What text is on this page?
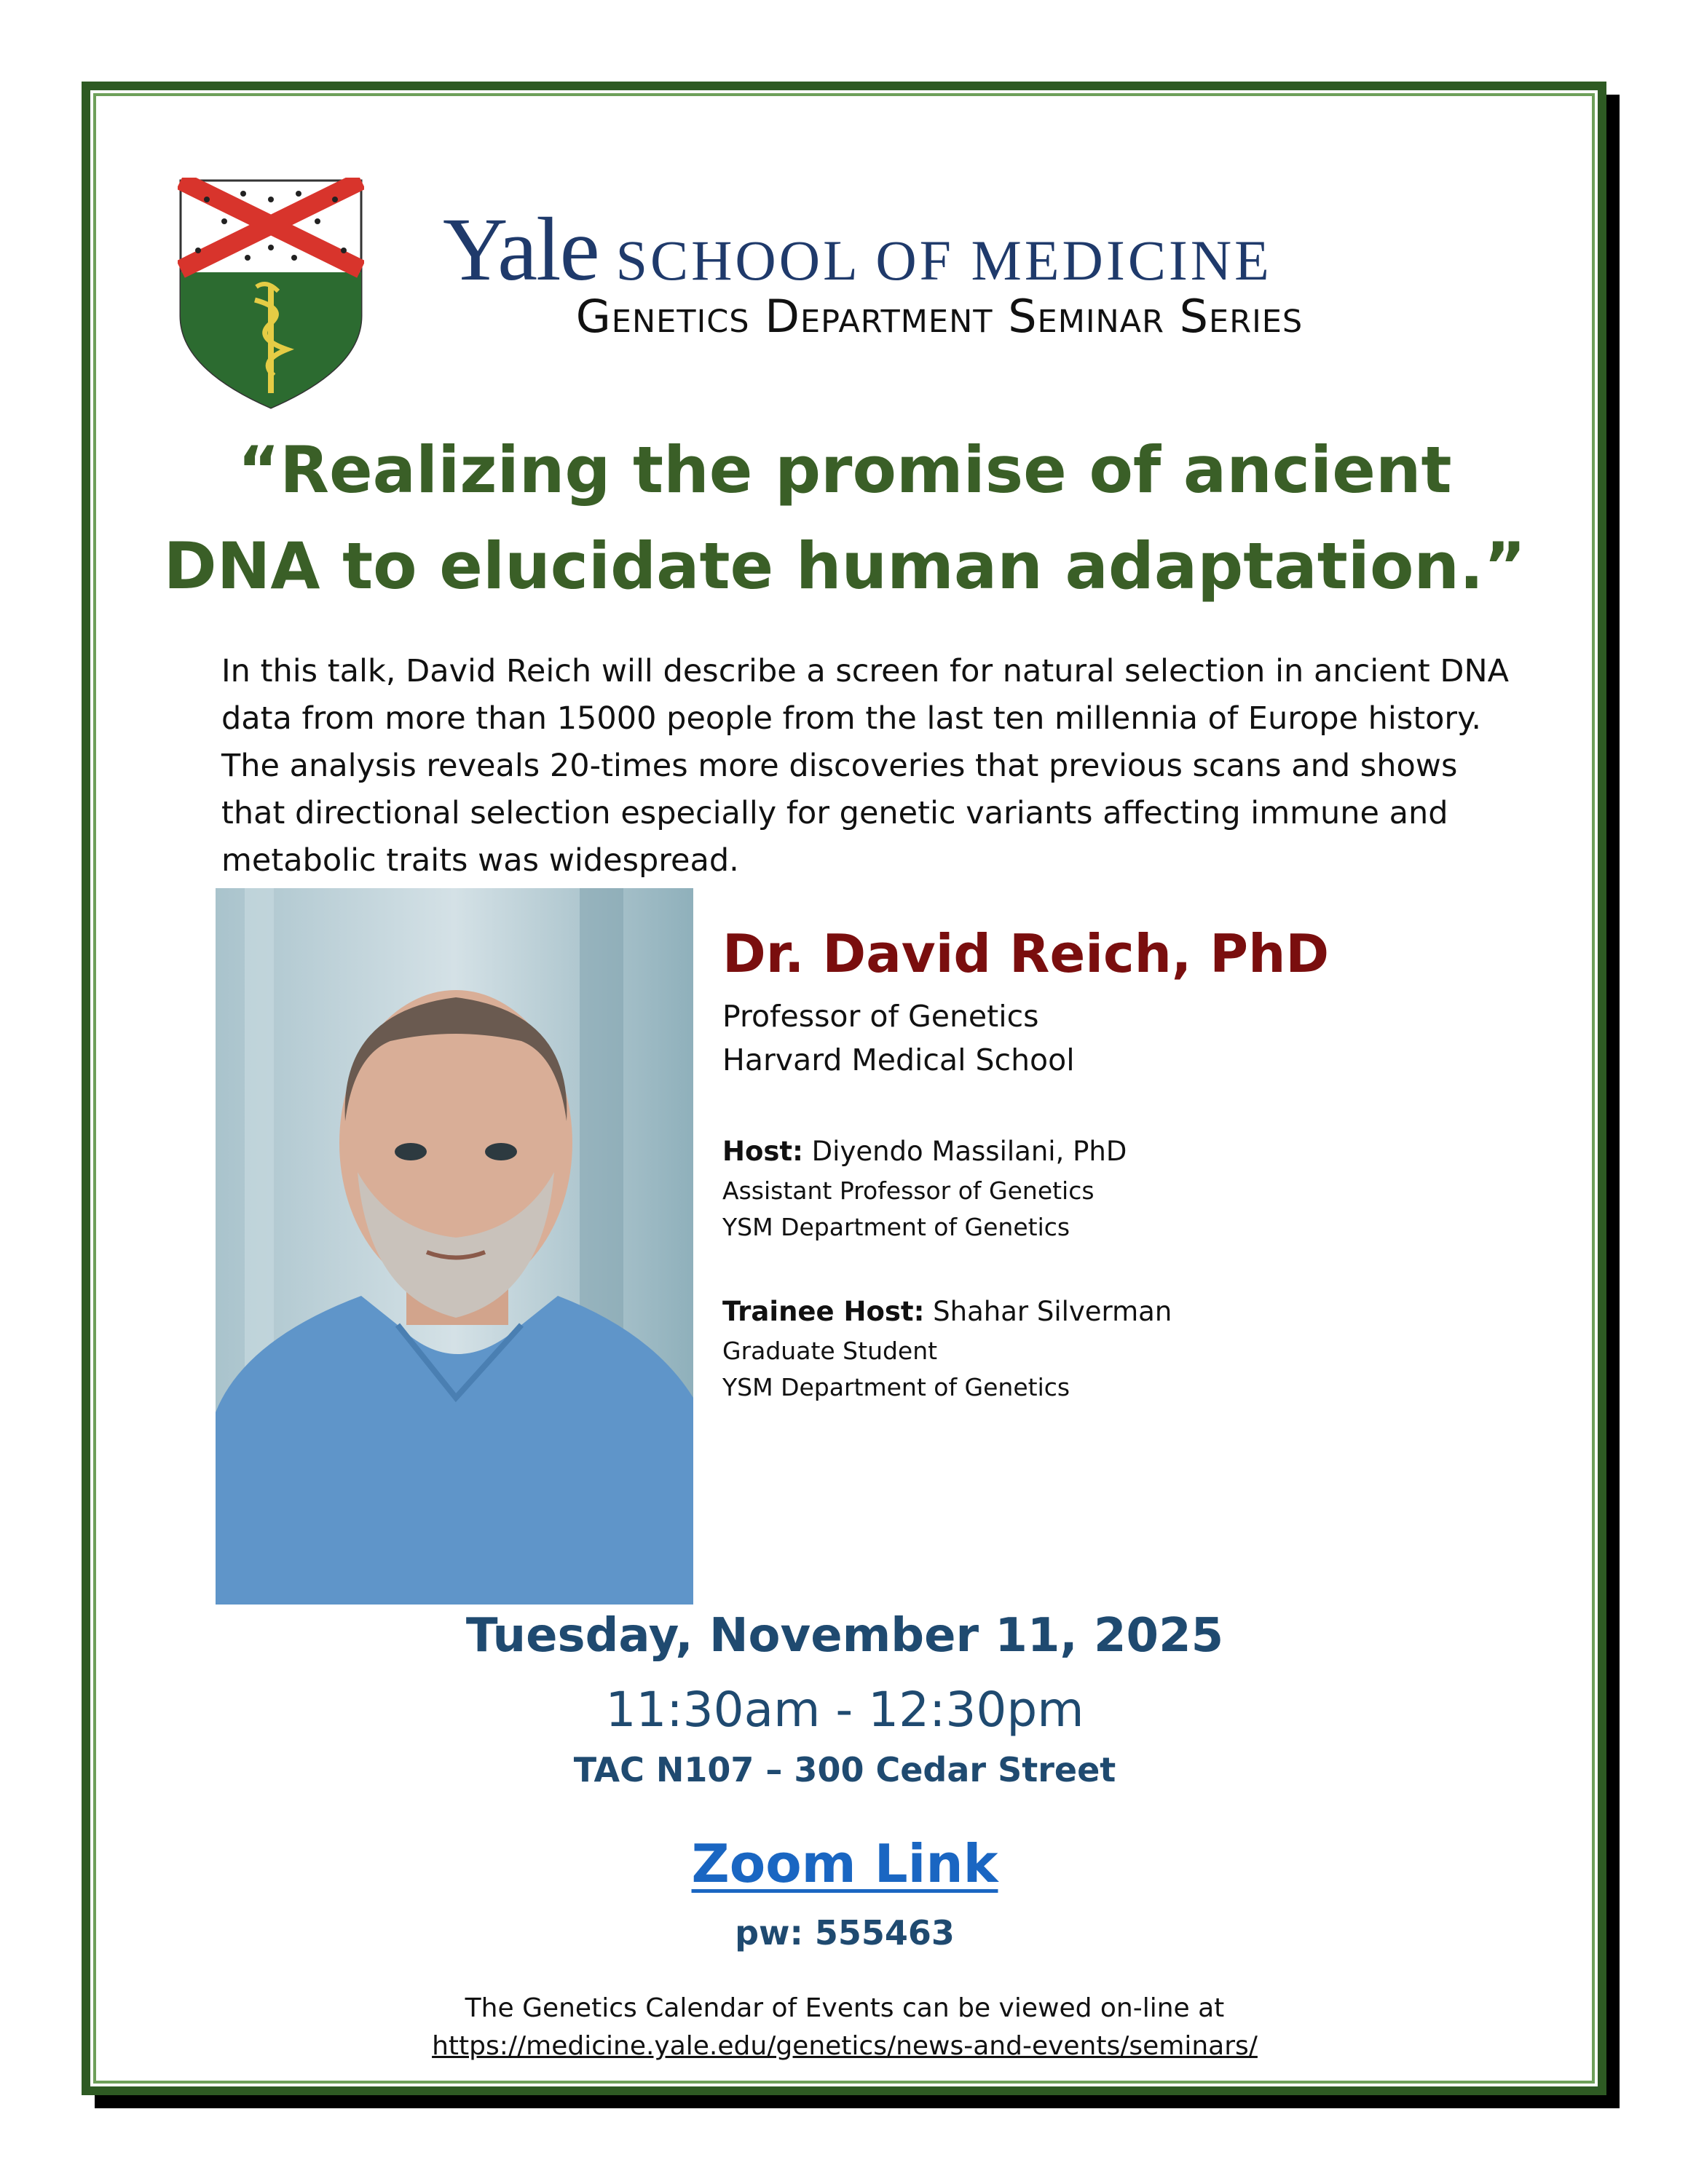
Yale SCHOOL OF MEDICINE
Genetics Department Seminar Series
“Realizing the promise of ancient
DNA to elucidate human adaptation.”
In this talk, David Reich will describe a screen for natural selection in ancient DNA
data from more than 15000 people from the last ten millennia of Europe history.
The analysis reveals 20-times more discoveries that previous scans and shows
that directional selection especially for genetic variants affecting immune and
metabolic traits was widespread.
Dr. David Reich, PhD
Professor of Genetics
Harvard Medical School
Host: Diyendo Massilani, PhD
Assistant Professor of Genetics
YSM Department of Genetics
Trainee Host: Shahar Silverman
Graduate Student
YSM Department of Genetics
Tuesday, November 11, 2025
11:30am - 12:30pm
TAC N107 – 300 Cedar Street
Zoom Link
pw: 555463
The Genetics Calendar of Events can be viewed on-line at
https://medicine.yale.edu/genetics/news-and-events/seminars/
